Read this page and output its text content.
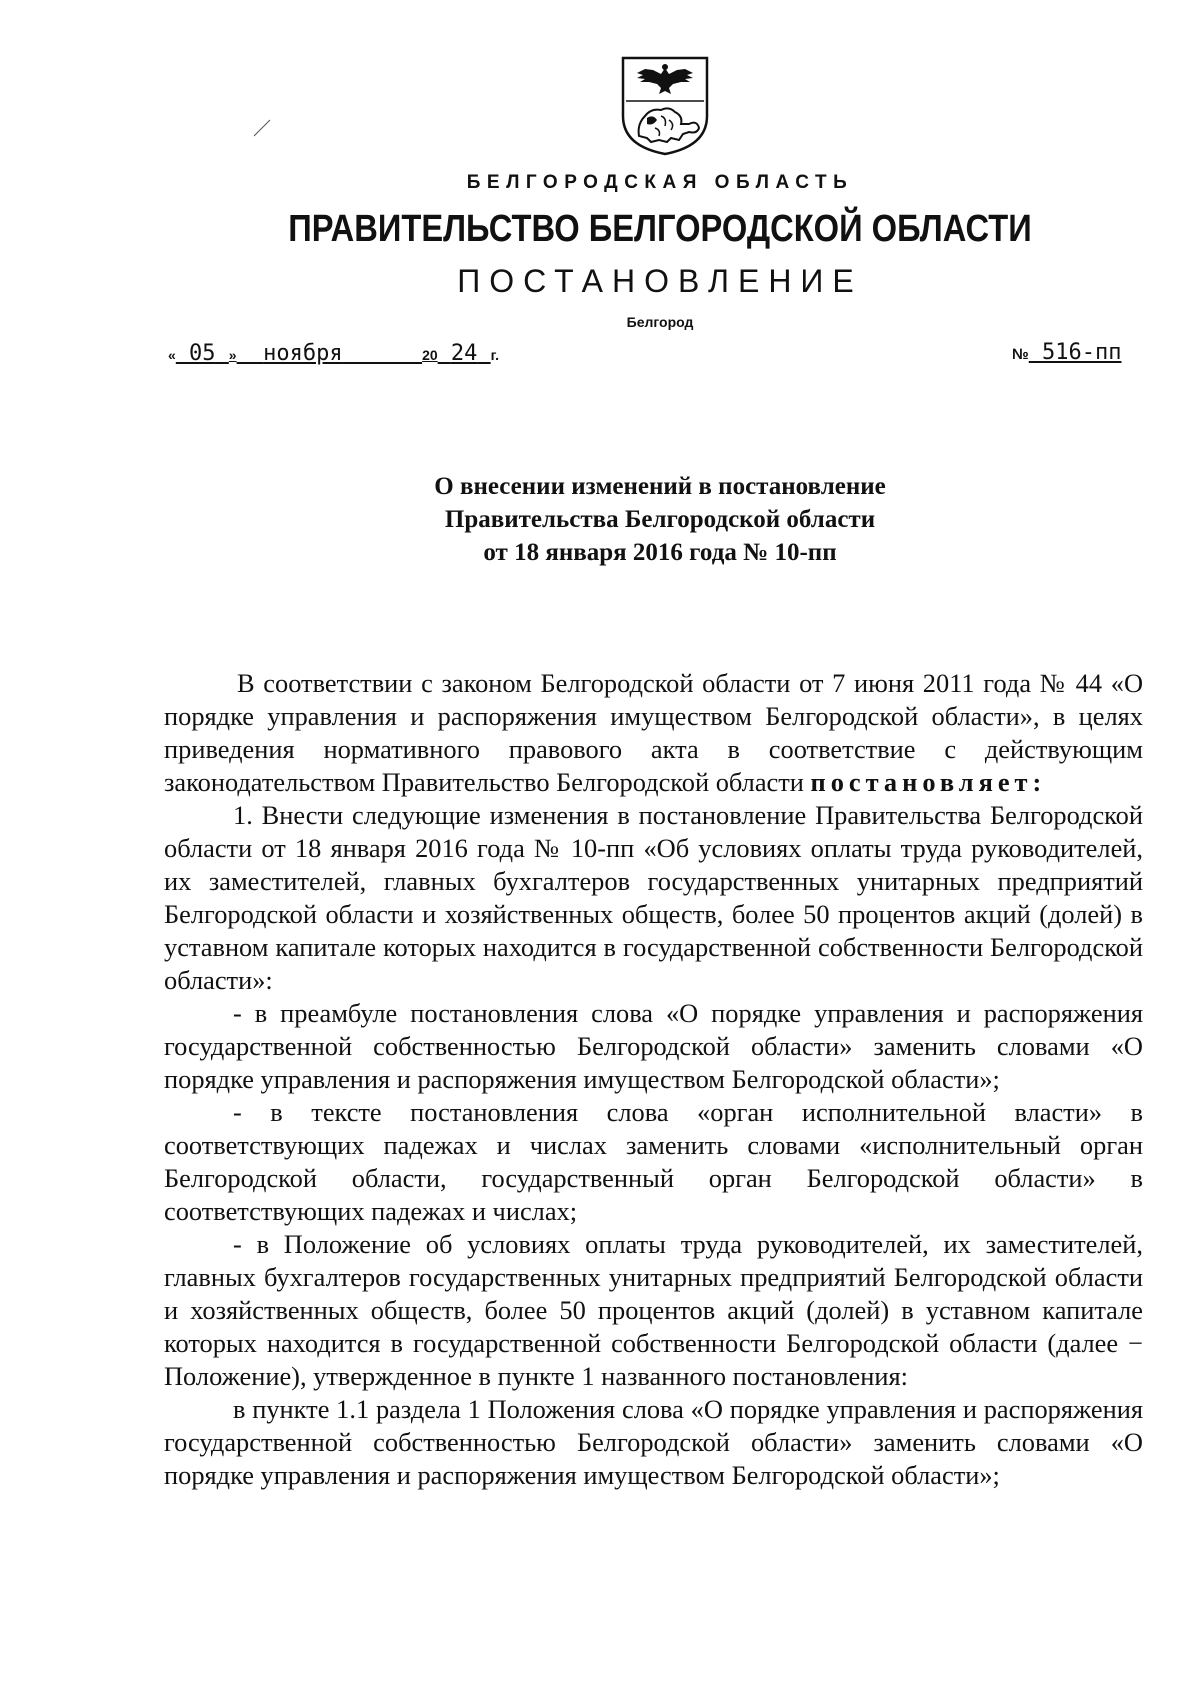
БЕЛГОРОДСКАЯ ОБЛАСТЬ
ПРАВИТЕЛЬСТВО БЕЛГОРОДСКОЙ ОБЛАСТИ
ПОСТАНОВЛЕНИЕ
Белгород
« 05 » ноября	20 24 г.	№ 516-пп
О внесении изменений в постановление
Правительства Белгородской области
от 18 января 2016 года № 10-пп

В соответствии с законом Белгородской области от 7 июня 2011 года № 44 «О порядке управления и распоряжения имуществом Белгородской области», в целях приведения нормативного правового акта в соответствие с действующим законодательством Правительство Белгородской области постановляет:

1. Внести следующие изменения в постановление Правительства Белгородской области от 18 января 2016 года № 10-пп «Об условиях оплаты труда руководителей, их заместителей, главных бухгалтеров государственных унитарных предприятий Белгородской области и хозяйственных обществ, более 50 процентов акций (долей) в уставном капитале которых находится в государственной собственности Белгородской области»:

- в преамбуле постановления слова «О порядке управления и распоряжения государственной собственностью Белгородской области» заменить словами «О порядке управления и распоряжения имуществом Белгородской области»;

- в тексте постановления слова «орган исполнительной власти» в соответствующих падежах и числах заменить словами «исполнительный орган Белгородской области, государственный орган Белгородской области» в соответствующих падежах и числах;

- в Положение об условиях оплаты труда руководителей, их заместителей, главных бухгалтеров государственных унитарных предприятий Белгородской области и хозяйственных обществ, более 50 процентов акций (долей) в уставном капитале которых находится в государственной собственности Белгородской области (далее − Положение), утвержденное в пункте 1 названного постановления:

в пункте 1.1 раздела 1 Положения слова «О порядке управления и распоряжения государственной собственностью Белгородской области» заменить словами «О порядке управления и распоряжения имуществом Белгородской области»;
